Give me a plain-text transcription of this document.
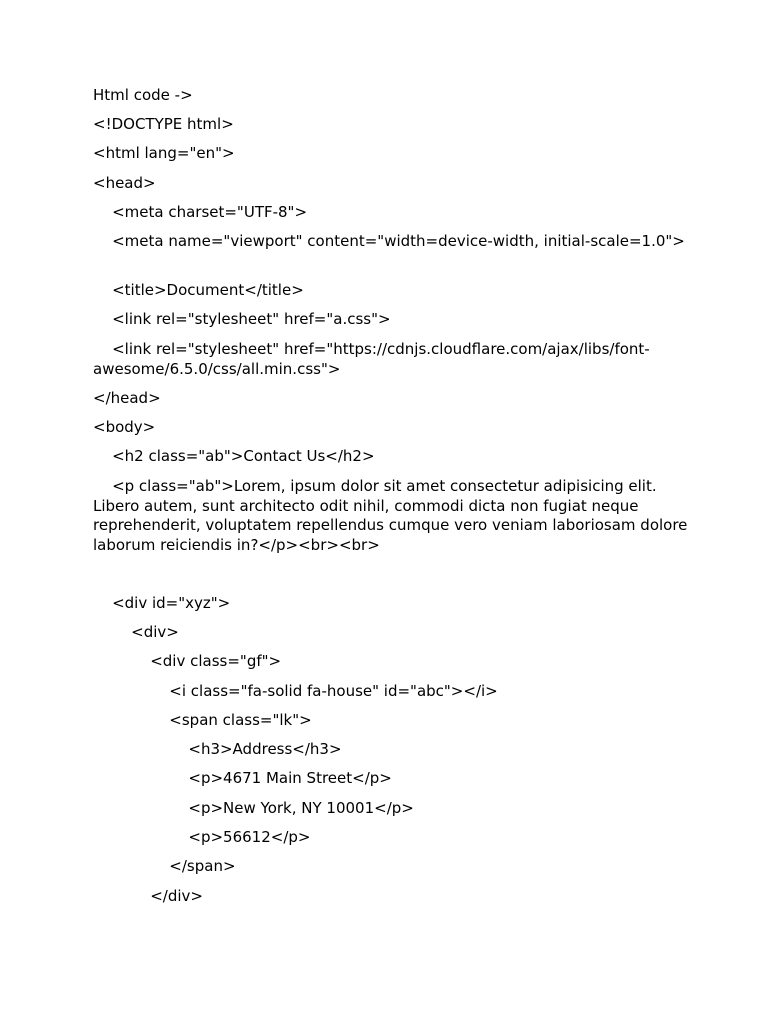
Html code ->
<!DOCTYPE html>
<html lang="en">
<head>
<meta charset="UTF-8">
<meta name="viewport" content="width=device-width, initial-scale=1.0">
<title>Document</title>
<link rel="stylesheet" href="a.css">
<link rel="stylesheet" href="https://cdnjs.cloudflare.com/ajax/libs/font-awesome/6.5.0/css/all.min.css">
</head>
<body>
<h2 class="ab">Contact Us</h2>
<p class="ab">Lorem, ipsum dolor sit amet consectetur adipisicing elit. Libero autem, sunt architecto odit nihil, commodi dicta non fugiat neque reprehenderit, voluptatem repellendus cumque vero veniam laboriosam dolore laborum reiciendis in?</p><br><br>
<div id="xyz">
<div>
<div class="gf">
<i class="fa-solid fa-house" id="abc"></i>
<span class="lk">
<h3>Address</h3>
<p>4671 Main Street</p>
<p>New York, NY 10001</p>
<p>56612</p>
</span>
</div>
